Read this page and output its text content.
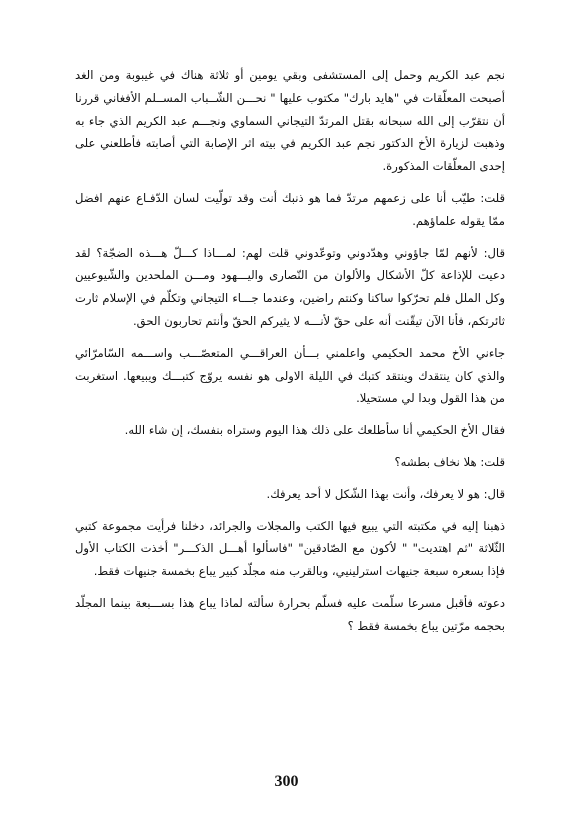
نجم عبد الكريم وحمل إلى المستشفى وبقي يومين أو ثلاثة هناك في غيبوبة ومن الغد أصبحت المعلّقات في "هايد بارك" مكتوب عليها " نحـــن الشّــباب المســلم الأفغاني قررنا أن نتقرّب إلى الله سبحانه بقتل المرتدّ التيجاني السماوي ونجـــم عبد الكريم الذي جاء به وذهبت لزيارة الأخ الدكتور نجم عبد الكريم في بيته اثر الإصابة التي أصابته فأطلعني على إحدى المعلّقات المذكورة.

قلت: طيّب أنا على زعمهم مرتدّ فما هو ذنبك أنت وقد تولّيت لسان الدّفـاع عنهم افضل ممّا يقوله علماؤهم.

قال: لأنهم لمّا جاؤوني وهدّدوني وتوعّدوني قلت لهم: لمـــاذا كـــلّ هـــذه الضجّة؟ لقد دعيت للإذاعة كلّ الأشكال والألوان من النّصارى واليـــهود ومـــن الملحدين والشّيوعيين وكل الملل فلم تحرّكوا ساكنا وكنتم راضين، وعندما جـــاء التيجاني وتكلّم في الإسلام ثارت ثائرتكم، فأنا الآن تيقّنت أنه على حقّ لأنـــه لا يثيركم الحقّ وأنتم تحاربون الحق.

جاءني الأخ محمد الحكيمي واعلمني بـــأن العراقـــي المتعصّـــب واســـمه السّامرّائي والذي كان ينتقدك وينتقد كتبك في الليلة الاولى هو نفسه يروّج كتبـــك ويبيعها. استغربت من هذا القول وبدا لي مستحيلا.

فقال الأخ الحكيمي أنا سأطلعك على ذلك هذا اليوم وستراه بنفسك، إن شاء الله.

قلت: هلا نخاف بطشه؟

قال: هو لا يعرفك، وأنت بهذا الشّكل لا أحد يعرفك.

ذهبنا إليه في مكتبته التي يبيع فيها الكتب والمجلات والجرائد، دخلنا فرأيت مجموعة كتبي الثّلاثة "ثم اهتديت" " لأكون مع الصّادقين" "فاسألوا أهـــل الذكـــر" أخذت الكتاب الأول فإذا بسعره سبعة جنيهات استرلينيي، وبالقرب منه مجلّد كبير يباع بخمسة جنيهات فقط.

دعوته فأقبل مسرعا سلّمت عليه فسلّم بحرارة سألته لماذا يباع هذا بســـبعة بينما المجلّد بحجمه مرّتين يباع بخمسة فقط ؟

300
